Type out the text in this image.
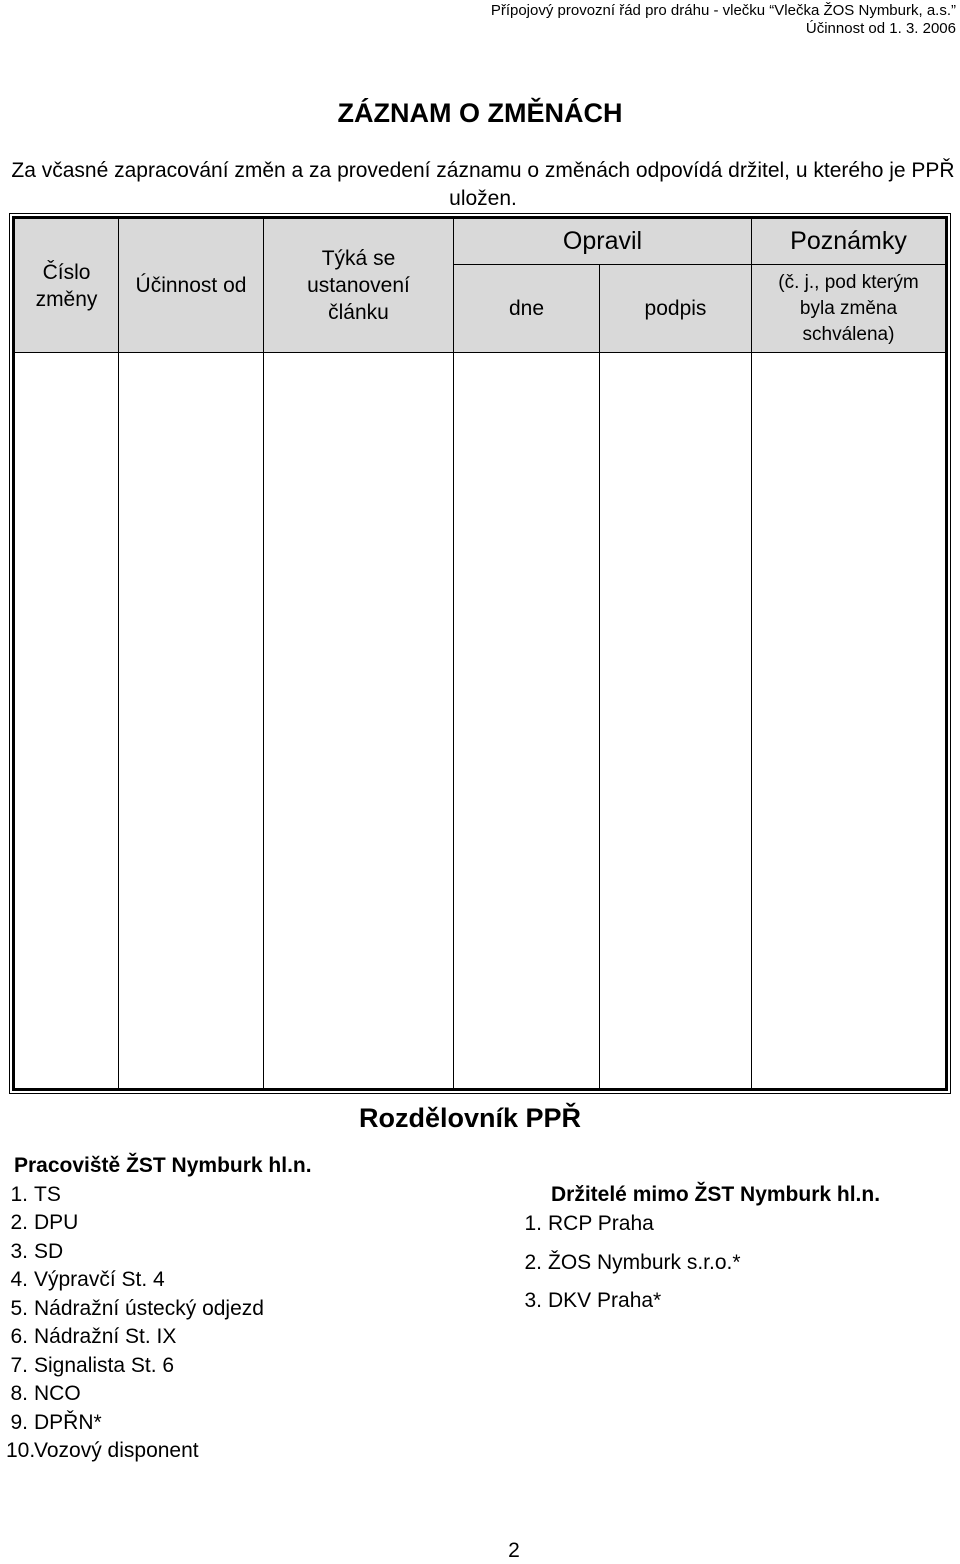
Přípojový provozní řád pro dráhu - vlečku “Vlečka ŽOS Nymburk, a.s.”
Účinnost od 1. 3. 2006
ZÁZNAM O ZMĚNÁCH
Za včasné zapracování změn a za provedení záznamu o změnách odpovídá držitel, u kterého je PPŘ uložen.
Číslo změny	Účinnost od	Týká se ustanovení článku	Opravil		Poznámky
			dne	podpis	(č. j., pod kterým byla změna schválena)

Rozdělovník PPŘ
Pracoviště ŽST Nymburk hl.n.
1. TS
2. DPU
3. SD
4. Výpravčí St. 4
5. Nádražní ústecký odjezd
6. Nádražní St. IX
7. Signalista St. 6
8. NCO
9. DPŘN*
10.Vozový disponent
Držitelé mimo ŽST Nymburk hl.n.
1. RCP Praha
2. ŽOS Nymburk s.r.o.*
3. DKV Praha*
2
